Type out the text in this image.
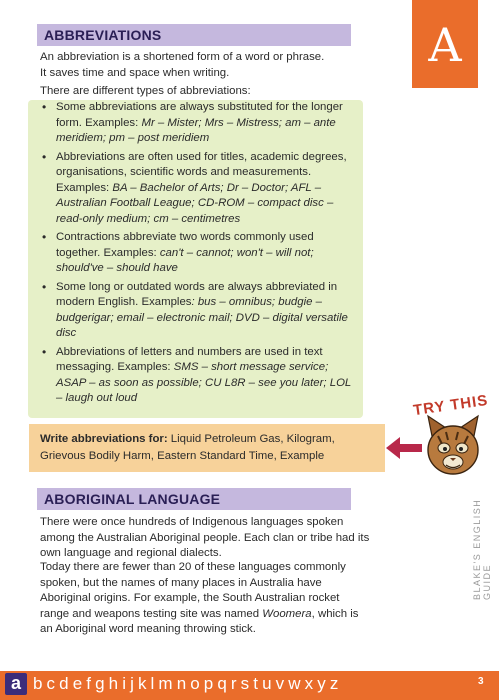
A
ABBREVIATIONS
An abbreviation is a shortened form of a word or phrase.
It saves time and space when writing.
There are different types of abbreviations:
• Some abbreviations are always substituted for the longer form. Examples: Mr – Mister; Mrs – Mistress; am – ante meridiem; pm – post meridiem
• Abbreviations are often used for titles, academic degrees, organisations, scientific words and measurements. Examples: BA – Bachelor of Arts; Dr – Doctor; AFL – Australian Football League; CD-ROM – compact disc – read-only medium; cm – centimetres
• Contractions abbreviate two words commonly used together. Examples: can't – cannot; won't – will not; should've – should have
• Some long or outdated words are always abbreviated in modern English. Examples: bus – omnibus; budgie – budgerigar; email – electronic mail; DVD – digital versatile disc
• Abbreviations of letters and numbers are used in text messaging. Examples: SMS – short message service; ASAP – as soon as possible; CU L8R – see you later; LOL – laugh out loud	TRY THIS
Write abbreviations for: Liquid Petroleum Gas, Kilogram, Grievous Bodily Harm, Eastern Standard Time, Example
ABORIGINAL LANGUAGE
There were once hundreds of Indigenous languages spoken among the Australian Aboriginal people. Each clan or tribe had its own language and regional dialects.
Today there are fewer than 20 of these languages commonly spoken, but the names of many places in Australia have Aboriginal origins. For example, the South Australian rocket range and weapons testing site was named Woomera, which is an Aboriginal word meaning throwing stick.
BLAKE'S ENGLISH GUIDE
a bcdefghijklmnopqrstuvwxyz	3
